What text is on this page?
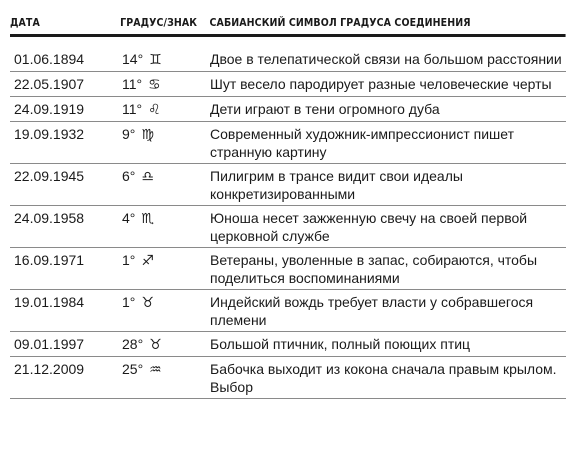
ДАТА	ГРАДУС/ЗНАК	САБИАНСКИЙ СИМВОЛ ГРАДУСА СОЕДИНЕНИЯ
01.06.1894	14° ♊	Двое в телепатической связи на большом расстоянии
22.05.1907	11° ♋	Шут весело пародирует разные человеческие черты
24.09.1919	11° ♌	Дети играют в тени огромного дуба
19.09.1932	9° ♍	Современный художник-импрессионист пишет странную картину
22.09.1945	6° ♎	Пилигрим в трансе видит свои идеалы конкретизированными
24.09.1958	4° ♏	Юноша несет зажженную свечу на своей первой церковной службе
16.09.1971	1° ♐	Ветераны, уволенные в запас, собираются, чтобы поделиться воспоминаниями
19.01.1984	1° ♉	Индейский вождь требует власти у собравшегося племени
09.01.1997	28° ♉	Большой птичник, полный поющих птиц
21.12.2009	25° ♒	Бабочка выходит из кокона сначала правым крылом. Выбор
